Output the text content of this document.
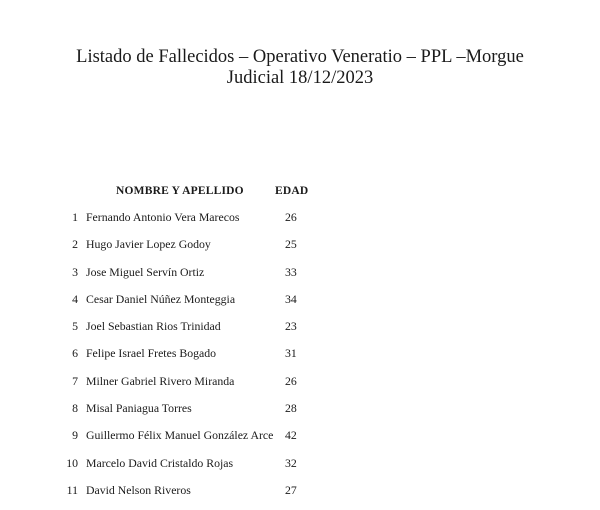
Listado de Fallecidos – Operativo Veneratio – PPL –Morgue
Judicial 18/12/2023
NOMBRE Y APELLIDO	EDAD
1 Fernando Antonio Vera Marecos	26
2 Hugo Javier Lopez Godoy	25
3 Jose Miguel Servín Ortiz	33
4 Cesar Daniel Núñez Monteggia	34
5 Joel Sebastian Rios Trinidad	23
6 Felipe Israel Fretes Bogado	31
7 Milner Gabriel Rivero Miranda	26
8 Misal Paniagua Torres	28
9 Guillermo Félix Manuel González Arce 42
10 Marcelo David Cristaldo Rojas	32
11 David Nelson Riveros	27
